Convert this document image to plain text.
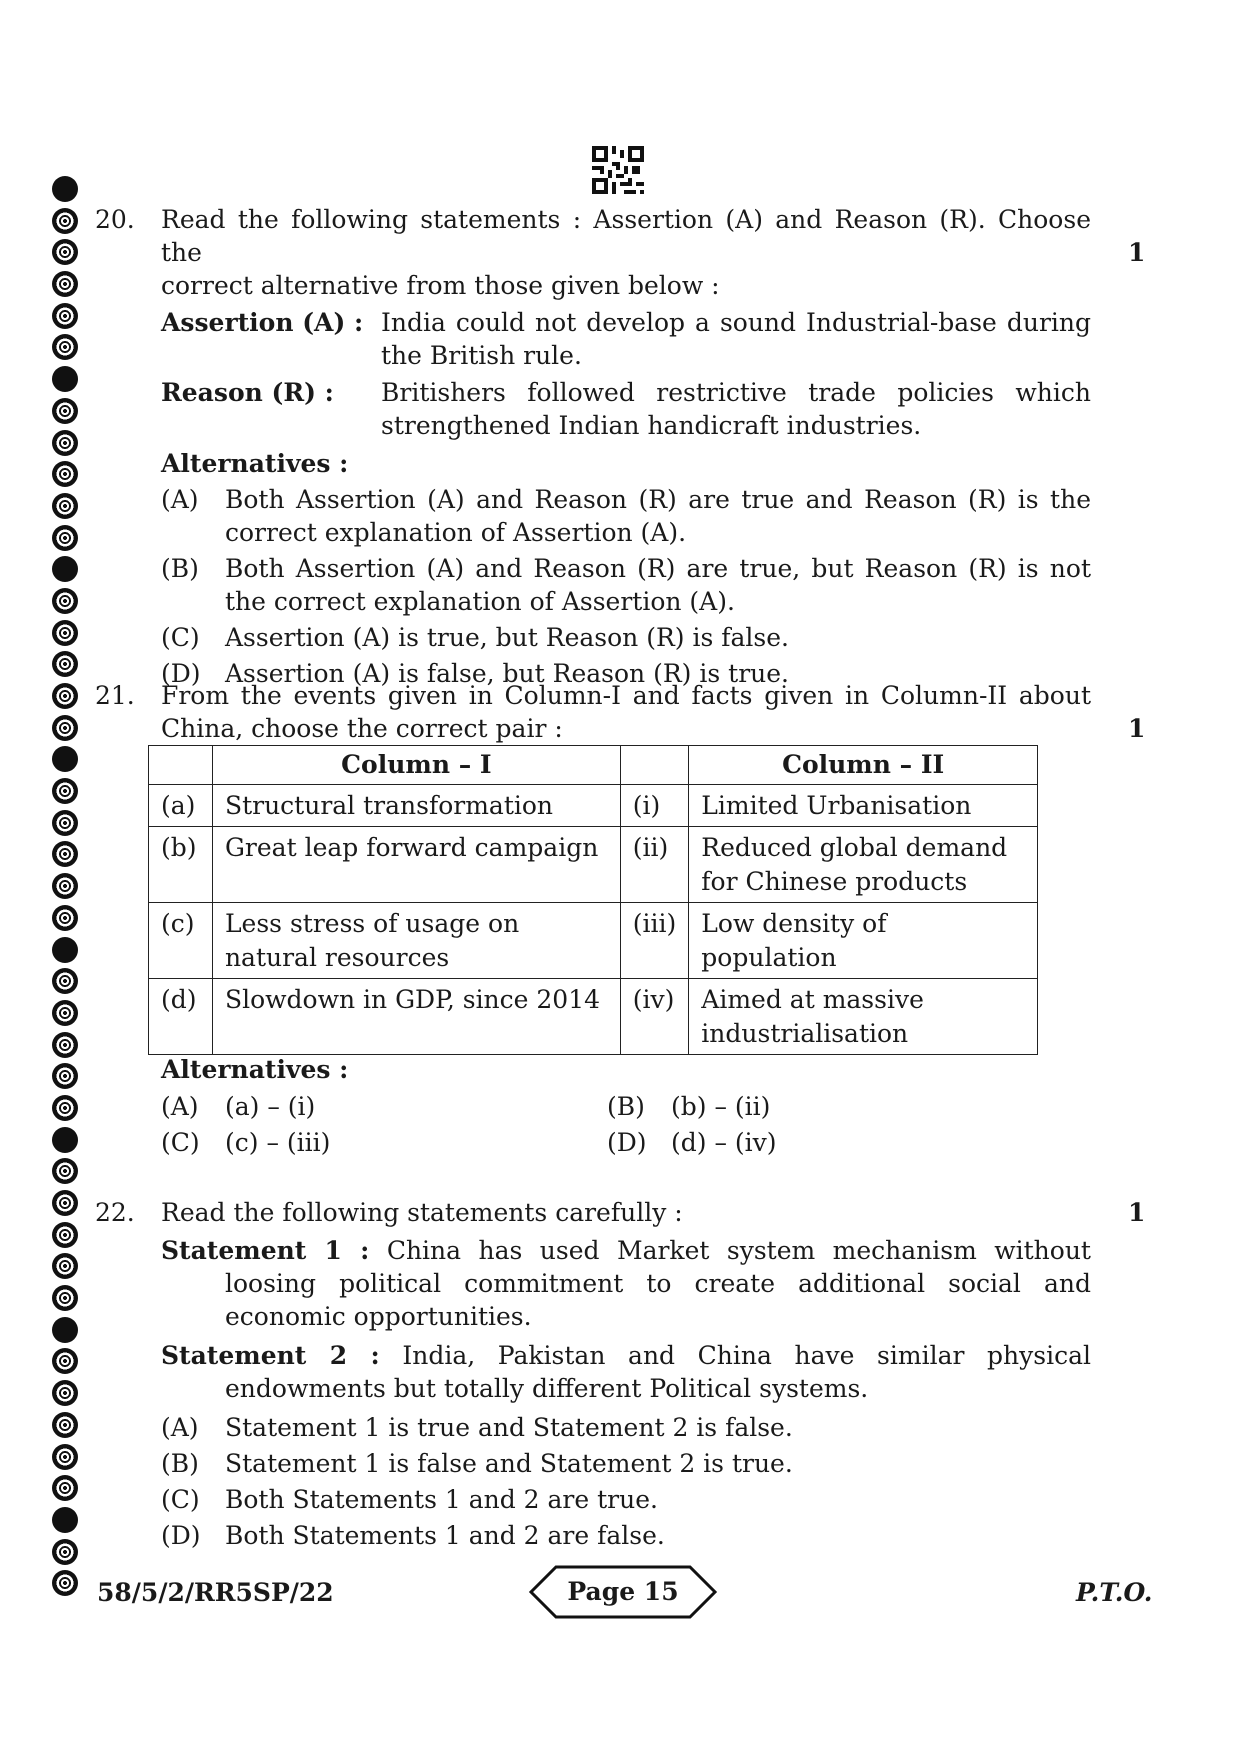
20. Read the following statements : Assertion (A) and Reason (R). Choose the
correct alternative from those given below :
Assertion (A) : India could not develop a sound Industrial-base during the British rule.
Reason (R) :	Britishers followed restrictive trade policies which strengthened Indian handicraft industries.
Alternatives :
(A)	Both Assertion (A) and Reason (R) are true and Reason (R) is the correct explanation of Assertion (A).
(B)	Both Assertion (A) and Reason (R) are true, but Reason (R) is not the correct explanation of Assertion (A).
(C)	Assertion (A) is true, but Reason (R) is false.
(D) Assertion (A) is false, but Reason (R) is true.
1
21. From the events given in Column-I and facts given in Column-II about
China, choose the correct pair :	1
	Column – I		Column – II
(a)	Structural transformation	(i)	Limited Urbanisation
(b)	Great leap forward campaign	(ii)	Reduced global demand for Chinese products
(c)	Less stress of usage on natural resources	(iii)	Low density of population
(d)	Slowdown in GDP, since 2014	(iv)	Aimed at massive industrialisation
Alternatives :
(A)	(a) – (i)	(B)	(b) – (ii)
(C)	(c) – (iii)	(D) (d) – (iv)
22. Read the following statements carefully :
Statement 1 : China has used Market system mechanism without loosing political commitment to create additional social and economic opportunities.
Statement 2 : India, Pakistan and China have similar physical endowments but totally different Political systems.
(A)	Statement 1 is true and Statement 2 is false.
(B)	Statement 1 is false and Statement 2 is true.
(C)	Both Statements 1 and 2 are true.
(D) Both Statements 1 and 2 are false.
1
58/5/2/RR5SP/22	Page 15	P.T.O.
